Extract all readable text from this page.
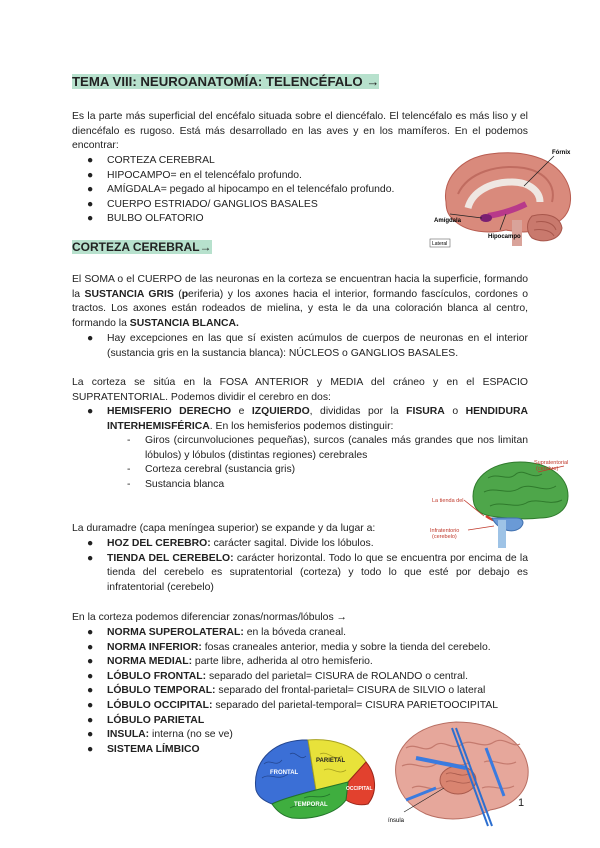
TEMA VIII: NEUROANATOMÍA: TELENCÉFALO →
Es la parte más superficial del encéfalo situada sobre el diencéfalo. El telencéfalo es más liso y el diencéfalo es rugoso. Está más desarrollado en las aves y en los mamíferos. En el podemos encontrar:
● CORTEZA CEREBRAL
● HIPOCAMPO= en el telencéfalo profundo.
● AMÍGDALA= pegado al hipocampo en el telencéfalo profundo.
● CUERPO ESTRIADO/ GANGLIOS BASALES
● BULBO OLFATORIO
Fórnix
Amígdala
Hipocampo
Lateral
CORTEZA CEREBRAL→
El SOMA o el CUERPO de las neuronas en la corteza se encuentran hacia la superficie, formando la SUSTANCIA GRIS (periferia) y los axones hacia el interior, formando fascículos, cordones o tractos. Los axones están rodeados de mielina, y esta le da una coloración blanca al centro, formando la SUSTANCIA BLANCA.
● Hay excepciones en las que sí existen acúmulos de cuerpos de neuronas en el interior (sustancia gris en la sustancia blanca): NÚCLEOS o GANGLIOS BASALES.
La corteza se sitúa en la FOSA ANTERIOR y MEDIA del cráneo y en el ESPACIO SUPRATENTORIAL. Podemos dividir el cerebro en dos:
● HEMISFERIO DERECHO e IZQUIERDO, divididas por la FISURA o HENDIDURA INTERHEMISFÉRICA. En los hemisferios podemos distinguir:
- Giros (circunvoluciones pequeñas), surcos (canales más grandes que nos limitan lóbulos) y lóbulos (distintas regiones) cerebrales
- Corteza cerebral (sustancia gris)
- Sustancia blanca
Supratentorial (cerebro)
La tienda del
Infratentorio (cerebelo)
La duramadre (capa meníngea superior) se expande y da lugar a:
● HOZ DEL CEREBRO: carácter sagital. Divide los lóbulos.
● TIENDA DEL CEREBELO: carácter horizontal. Todo lo que se encuentra por encima de la tienda del cerebelo es supratentorial (corteza) y todo lo que esté por debajo es infratentorial (cerebelo)
En la corteza podemos diferenciar zonas/normas/lóbulos →
● NORMA SUPEROLATERAL: en la bóveda craneal.
● NORMA INFERIOR: fosas craneales anterior, media y sobre la tienda del cerebelo.
● NORMA MEDIAL: parte libre, adherida al otro hemisferio.
● LÓBULO FRONTAL: separado del parietal= CISURA de ROLANDO o central.
● LÓBULO TEMPORAL: separado del frontal-parietal= CISURA de SILVIO o lateral
● LÓBULO OCCIPITAL: separado del parietal-temporal= CISURA PARIETOOCIPITAL
● LÓBULO PARIETAL
● INSULA: interna (no se ve)
● SISTEMA LÍMBICO
FRONTAL
PARIETAL
TEMPORAL
OCCIPITAL
ínsula
1
